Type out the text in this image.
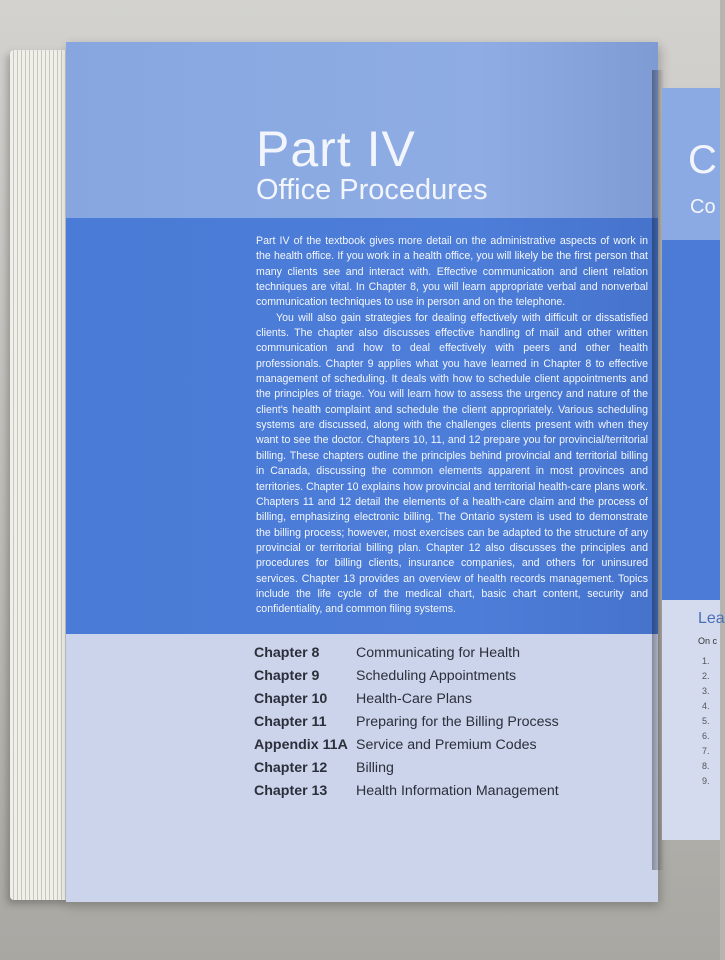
Part IV
Office Procedures

Part IV of the textbook gives more detail on the administrative aspects of work in the health office. If you work in a health office, you will likely be the first person that many clients see and interact with. Effective communication and client relation techniques are vital. In Chapter 8, you will learn appropriate verbal and nonverbal communication techniques to use in person and on the telephone.

You will also gain strategies for dealing effectively with difficult or dissatisfied clients. The chapter also discusses effective handling of mail and other written communication and how to deal effectively with peers and other health professionals. Chapter 9 applies what you have learned in Chapter 8 to effective management of scheduling. It deals with how to schedule client appointments and the principles of triage. You will learn how to assess the urgency and nature of the client's health complaint and schedule the client appropriately. Various scheduling systems are discussed, along with the challenges clients present with when they want to see the doctor. Chapters 10, 11, and 12 prepare you for provincial/territorial billing. These chapters outline the principles behind provincial and territorial billing in Canada, discussing the common elements apparent in most provinces and territories. Chapter 10 explains how provincial and territorial health-care plans work. Chapters 11 and 12 detail the elements of a health-care claim and the process of billing, emphasizing electronic billing. The Ontario system is used to demonstrate the billing process; however, most exercises can be adapted to the structure of any provincial or territorial billing plan. Chapter 12 also discusses the principles and procedures for billing clients, insurance companies, and others for uninsured services. Chapter 13 provides an overview of health records management. Topics include the life cycle of the medical chart, basic chart content, security and confidentiality, and common filing systems.

Chapter 8	Communicating for Health
Chapter 9	Scheduling Appointments
Chapter 10	Health-Care Plans
Chapter 11	Preparing for the Billing Process
Appendix 11A Service and Premium Codes
Chapter 12	Billing
Chapter 13	Health Information Management
C
Co
Lea
On c
1.
2.
3.
4.
5.
6.
7.
8.
9.
